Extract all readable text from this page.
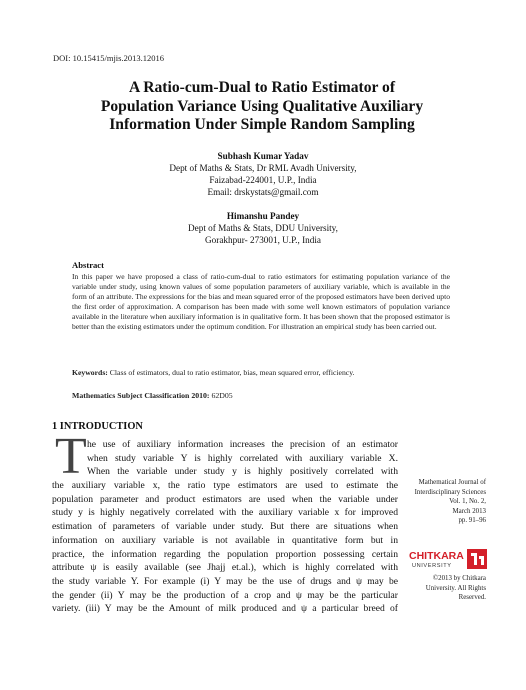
DOI: 10.15415/mjis.2013.12016
A Ratio-cum-Dual to Ratio Estimator of
Population Variance Using Qualitative Auxiliary
Information Under Simple Random Sampling
Subhash Kumar Yadav
Dept of Maths & Stats, Dr RML Avadh University,
Faizabad-224001, U.P., India
Email: drskystats@gmail.com
Himanshu Pandey
Dept of Maths & Stats, DDU University,
Gorakhpur- 273001, U.P., India
Abstract
In this paper we have proposed a class of ratio-cum-dual to ratio estimators for estimating population variance of the variable under study, using known values of some population parameters of auxiliary variable, which is available in the form of an attribute. The expressions for the bias and mean squared error of the proposed estimators have been derived upto the first order of approximation. A comparison has been made with some well known estimators of population variance available in the literature when auxiliary information is in qualitative form. It has been shown that the proposed estimator is better than the existing estimators under the optimum condition. For illustration an empirical study has been carried out.
Keywords: Class of estimators, dual to ratio estimator, bias, mean squared error, efficiency.
Mathematics Subject Classification 2010: 62D05
1 INTRODUCTION
T he use of auxiliary information increases the precision of an estimator
when study variable Y is highly correlated with auxiliary variable X.
When the variable under study y is highly positively correlated with
the auxiliary variable x, the ratio type estimators are used to estimate the
population parameter and product estimators are used when the variable under
study y is highly negatively correlated with the auxiliary variable x for improved
estimation of parameters of variable under study. But there are situations when
information on auxiliary variable is not available in quantitative form but in
practice, the information regarding the population proportion possessing certain
attribute ψ is easily available (see Jhajj et.al.), which is highly correlated with
the study variable Y. For example (i) Y may be the use of drugs and ψ may be
the gender (ii) Y may be the production of a crop and ψ may be the particular
variety. (iii) Y may be the Amount of milk produced and ψ a particular breed of
Mathematical Journal of
Interdisciplinary Sciences
Vol. 1, No. 2,
March 2013
pp. 91–96
CHITKARA
UNIVERSITY
©2013 by Chitkara
University. All Rights
Reserved.
